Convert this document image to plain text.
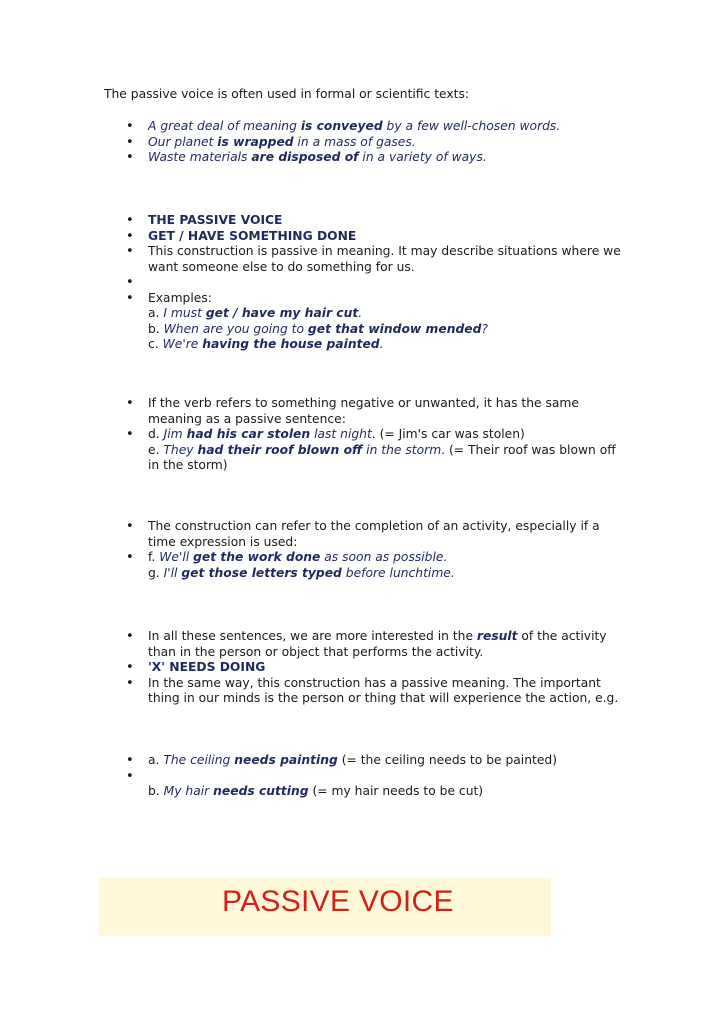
The passive voice is often used in formal or scientific texts:
• A great deal of meaning is conveyed by a few well-chosen words.
• Our planet is wrapped in a mass of gases.
• Waste materials are disposed of in a variety of ways.
• THE PASSIVE VOICE
• GET / HAVE SOMETHING DONE
• This construction is passive in meaning. It may describe situations where we want someone else to do something for us.
•
• Examples:
a. I must get / have my hair cut.
b. When are you going to get that window mended?
c. We're having the house painted.
• If the verb refers to something negative or unwanted, it has the same meaning as a passive sentence:
• d. Jim had his car stolen last night. (= Jim's car was stolen)
e. They had their roof blown off in the storm. (= Their roof was blown off in the storm)
• The construction can refer to the completion of an activity, especially if a time expression is used:
• f. We'll get the work done as soon as possible.
g. I'll get those letters typed before lunchtime.
• In all these sentences, we are more interested in the result of the activity than in the person or object that performs the activity.
• 'X' NEEDS DOING
• In the same way, this construction has a passive meaning. The important thing in our minds is the person or thing that will experience the action, e.g.
• a. The ceiling needs painting (= the ceiling needs to be painted)
•
b. My hair needs cutting (= my hair needs to be cut)
PASSIVE VOICE
